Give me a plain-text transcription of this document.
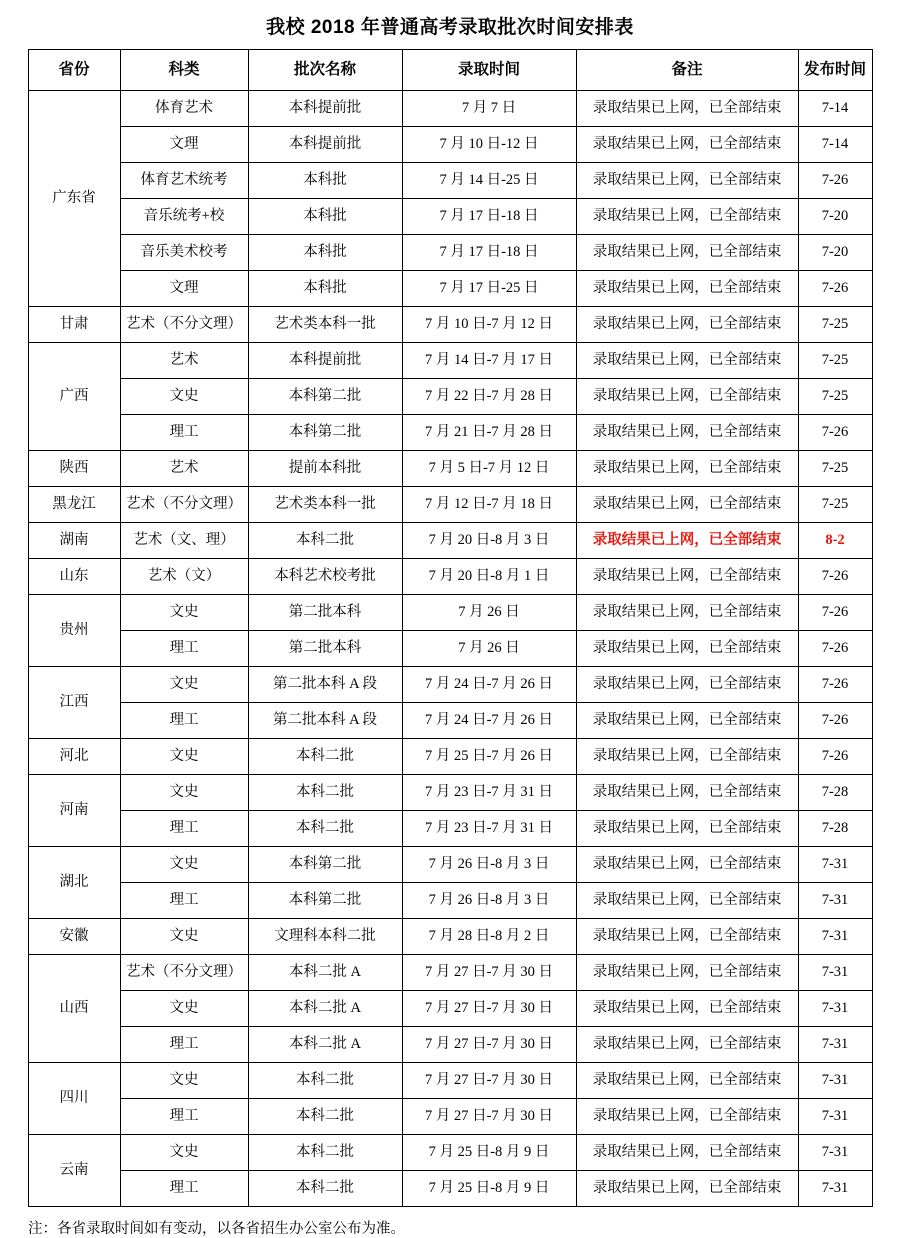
我校 2018 年普通高考录取批次时间安排表
省份	科类	批次名称	录取时间	备注	发布时间
广东省	体育艺术	本科提前批	7 月 7 日	录取结果已上网，已全部结束	7-14
	文理	本科提前批	7 月 10 日-12 日	录取结果已上网，已全部结束	7-14
	体育艺术统考	本科批	7 月 14 日-25 日	录取结果已上网，已全部结束	7-26
	音乐统考+校	本科批	7 月 17 日-18 日	录取结果已上网，已全部结束	7-20
	音乐美术校考	本科批	7 月 17 日-18 日	录取结果已上网，已全部结束	7-20
	文理	本科批	7 月 17 日-25 日	录取结果已上网，已全部结束	7-26
甘肃	艺术（不分文理）	艺术类本科一批	7 月 10 日-7 月 12 日	录取结果已上网，已全部结束	7-25
广西	艺术	本科提前批	7 月 14 日-7 月 17 日	录取结果已上网，已全部结束	7-25
	文史	本科第二批	7 月 22 日-7 月 28 日	录取结果已上网，已全部结束	7-25
	理工	本科第二批	7 月 21 日-7 月 28 日	录取结果已上网，已全部结束	7-26
陕西	艺术	提前本科批	7 月 5 日-7 月 12 日	录取结果已上网，已全部结束	7-25
黑龙江	艺术（不分文理）	艺术类本科一批	7 月 12 日-7 月 18 日	录取结果已上网，已全部结束	7-25
湖南	艺术（文、理）	本科二批	7 月 20 日-8 月 3 日	录取结果已上网，已全部结束	8-2
山东	艺术（文）	本科艺术校考批	7 月 20 日-8 月 1 日	录取结果已上网，已全部结束	7-26
贵州	文史	第二批本科	7 月 26 日	录取结果已上网，已全部结束	7-26
	理工	第二批本科	7 月 26 日	录取结果已上网，已全部结束	7-26
江西	文史	第二批本科 A 段	7 月 24 日-7 月 26 日	录取结果已上网，已全部结束	7-26
	理工	第二批本科 A 段	7 月 24 日-7 月 26 日	录取结果已上网，已全部结束	7-26
河北	文史	本科二批	7 月 25 日-7 月 26 日	录取结果已上网，已全部结束	7-26
河南	文史	本科二批	7 月 23 日-7 月 31 日	录取结果已上网，已全部结束	7-28
	理工	本科二批	7 月 23 日-7 月 31 日	录取结果已上网，已全部结束	7-28
湖北	文史	本科第二批	7 月 26 日-8 月 3 日	录取结果已上网，已全部结束	7-31
	理工	本科第二批	7 月 26 日-8 月 3 日	录取结果已上网，已全部结束	7-31
安徽	文史	文理科本科二批	7 月 28 日-8 月 2 日	录取结果已上网，已全部结束	7-31
山西	艺术（不分文理）	本科二批 A	7 月 27 日-7 月 30 日	录取结果已上网，已全部结束	7-31
	文史	本科二批 A	7 月 27 日-7 月 30 日	录取结果已上网，已全部结束	7-31
	理工	本科二批 A	7 月 27 日-7 月 30 日	录取结果已上网，已全部结束	7-31
四川	文史	本科二批	7 月 27 日-7 月 30 日	录取结果已上网，已全部结束	7-31
	理工	本科二批	7 月 27 日-7 月 30 日	录取结果已上网，已全部结束	7-31
云南	文史	本科二批	7 月 25 日-8 月 9 日	录取结果已上网，已全部结束	7-31
	理工	本科二批	7 月 25 日-8 月 9 日	录取结果已上网，已全部结束	7-31
注：各省录取时间如有变动，以各省招生办公室公布为准。
